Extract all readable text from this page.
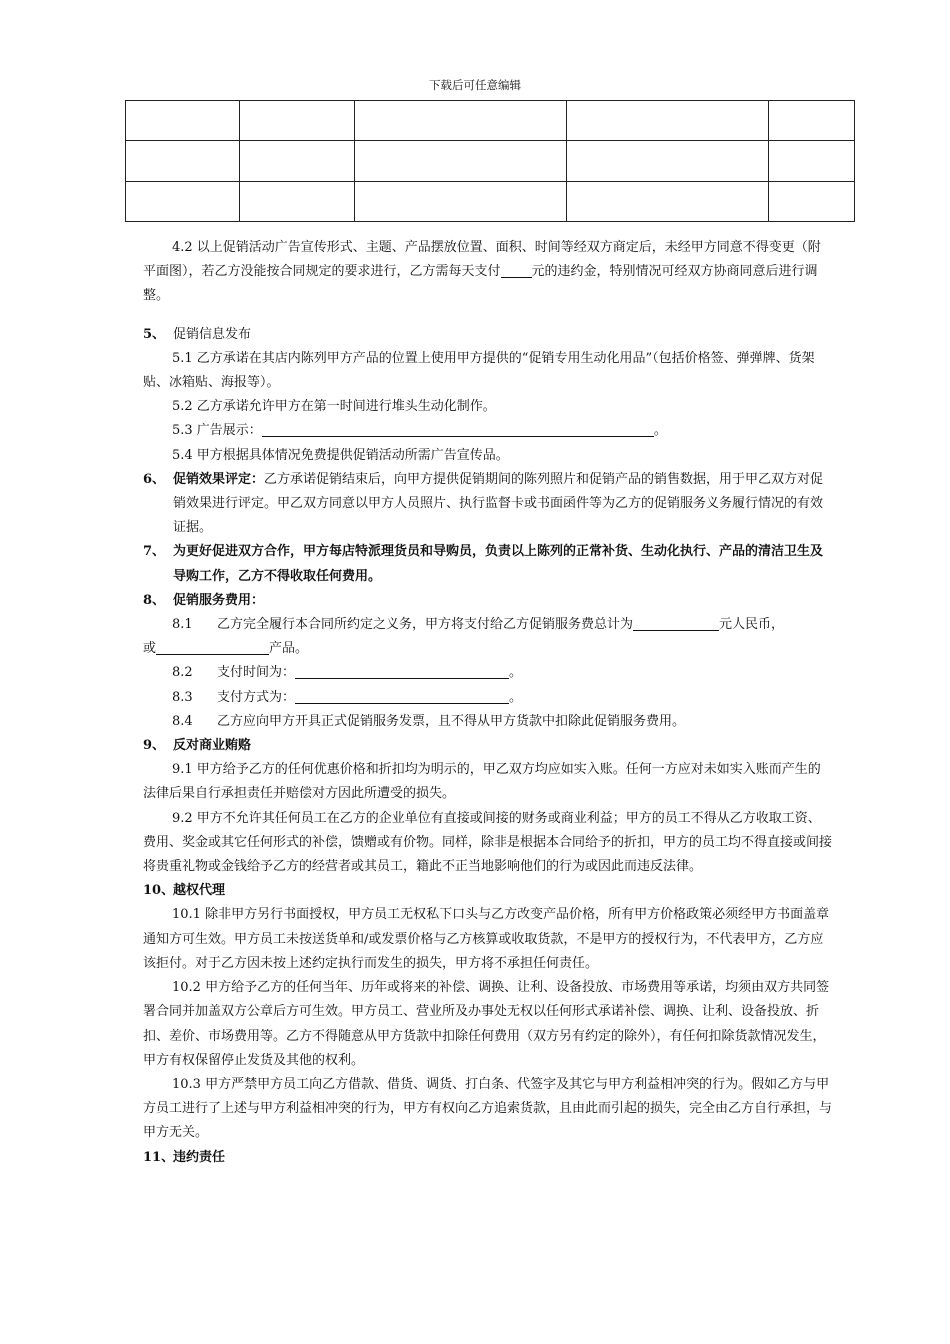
下载后可任意编辑

4.2 以上促销活动广告宣传形式、主题、产品摆放位置、面积、时间等经双方商定后，未经甲方同意不得变更（附平面图），若乙方没能按合同规定的要求进行，乙方需每天支付 元的违约金，特别情况可经双方协商同意后进行调整。

5、 促销信息发布

5.1 乙方承诺在其店内陈列甲方产品的位置上使用甲方提供的“促销专用生动化用品”（包括价格签、弹弹牌、货架贴、冰箱贴、海报等）。

5.2 乙方承诺允许甲方在第一时间进行堆头生动化制作。

5.3 广告展示：	。

5.4 甲方根据具体情况免费提供促销活动所需广告宣传品。

6、 促销效果评定：乙方承诺促销结束后，向甲方提供促销期间的陈列照片和促销产品的销售数据，用于甲乙双方对促销效果进行评定。甲乙双方同意以甲方人员照片、执行监督卡或书面函件等为乙方的促销服务义务履行情况的有效证据。
7、 为更好促进双方合作，甲方每店特派理货员和导购员，负责以上陈列的正常补货、生动化执行、产品的清洁卫生及导购工作，乙方不得收取任何费用。
8、 促销服务费用：
8.1	乙方完全履行本合同所约定之义务，甲方将支付给乙方促销服务费总计为	元人民币，

或	产品。

8.2	支付时间为：	。
8.3	支付方式为：	。
8.4	乙方应向甲方开具正式促销服务发票，且不得从甲方货款中扣除此促销服务费用。
9、 反对商业贿赂

9.1 甲方给予乙方的任何优惠价格和折扣均为明示的，甲乙双方均应如实入账。任何一方应对未如实入账而产生的法律后果自行承担责任并赔偿对方因此所遭受的损失。

9.2 甲方不允许其任何员工在乙方的企业单位有直接或间接的财务或商业利益；甲方的员工不得从乙方收取工资、费用、奖金或其它任何形式的补偿，馈赠或有价物。同样，除非是根据本合同给予的折扣，甲方的员工均不得直接或间接将贵重礼物或金钱给予乙方的经营者或其员工，籍此不正当地影响他们的行为或因此而违反法律。

10、
越权代理

10.1 除非甲方另行书面授权，甲方员工无权私下口头与乙方改变产品价格，所有甲方价格政策必须经甲方书面盖章通知方可生效。甲方员工未按送货单和/或发票价格与乙方核算或收取货款，不是甲方的授权行为，不代表甲方，乙方应该拒付。对于乙方因未按上述约定执行而发生的损失，甲方将不承担任何责任。

10.2 甲方给予乙方的任何当年、历年或将来的补偿、调换、让利、设备投放、市场费用等承诺，均须由双方共同签署合同并加盖双方公章后方可生效。甲方员工、营业所及办事处无权以任何形式承诺补偿、调换、让利、设备投放、折扣、差价、市场费用等。乙方不得随意从甲方货款中扣除任何费用（双方另有约定的除外），有任何扣除货款情况发生，甲方有权保留停止发货及其他的权利。

10.3 甲方严禁甲方员工向乙方借款、借货、调货、打白条、代签字及其它与甲方利益相冲突的行为。假如乙方与甲方员工进行了上述与甲方利益相冲突的行为，甲方有权向乙方追索货款，且由此而引起的损失，完全由乙方自行承担，与甲方无关。

11、
违约责任
